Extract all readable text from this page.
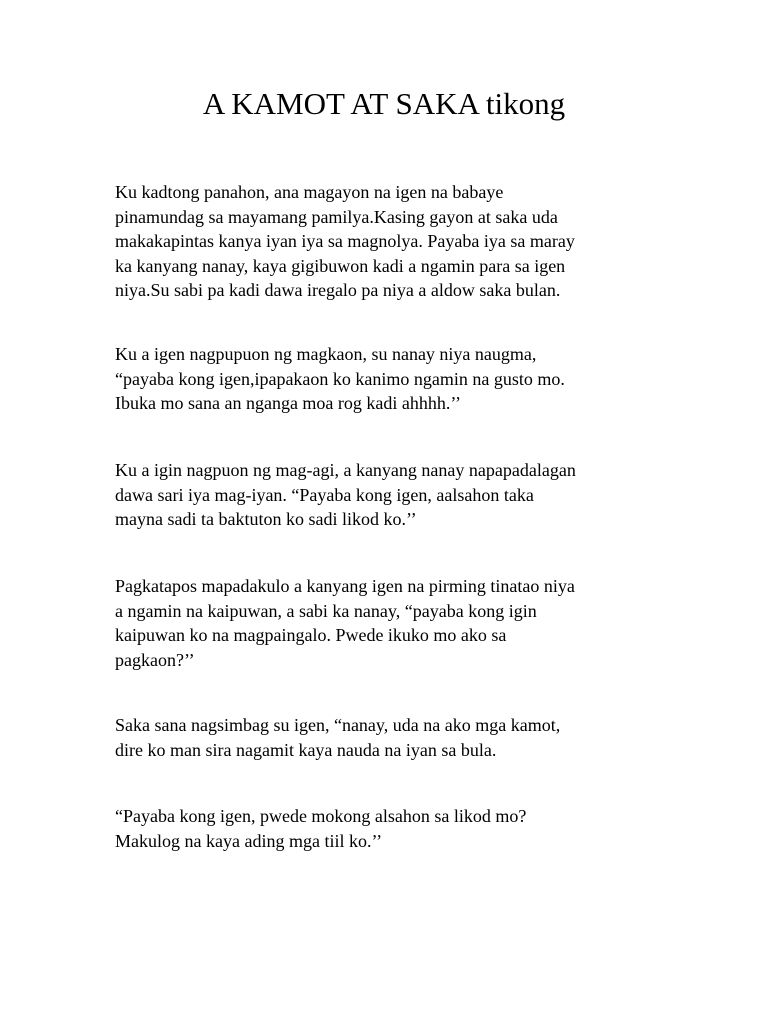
A KAMOT AT SAKA tikong

Ku kadtong panahon, ana magayon na igen na babaye
pinamundag sa mayamang pamilya.Kasing gayon at saka uda
makakapintas kanya iyan iya sa magnolya. Payaba iya sa maray
ka kanyang nanay, kaya gigibuwon kadi a ngamin para sa igen
niya.Su sabi pa kadi dawa iregalo pa niya a aldow saka bulan.

Ku a igen nagpupuon ng magkaon, su nanay niya naugma,
“payaba kong igen,ipapakaon ko kanimo ngamin na gusto mo.
Ibuka mo sana an nganga moa rog kadi ahhhh.’’

Ku a igin nagpuon ng mag-agi, a kanyang nanay napapadalagan
dawa sari iya mag-iyan. “Payaba kong igen, aalsahon taka
mayna sadi ta baktuton ko sadi likod ko.’’

Pagkatapos mapadakulo a kanyang igen na pirming tinatao niya
a ngamin na kaipuwan, a sabi ka nanay, “payaba kong igin
kaipuwan ko na magpaingalo. Pwede ikuko mo ako sa
pagkaon?’’

Saka sana nagsimbag su igen, “nanay, uda na ako mga kamot,
dire ko man sira nagamit kaya nauda na iyan sa bula.

“Payaba kong igen, pwede mokong alsahon sa likod mo?
Makulog na kaya ading mga tiil ko.’’
